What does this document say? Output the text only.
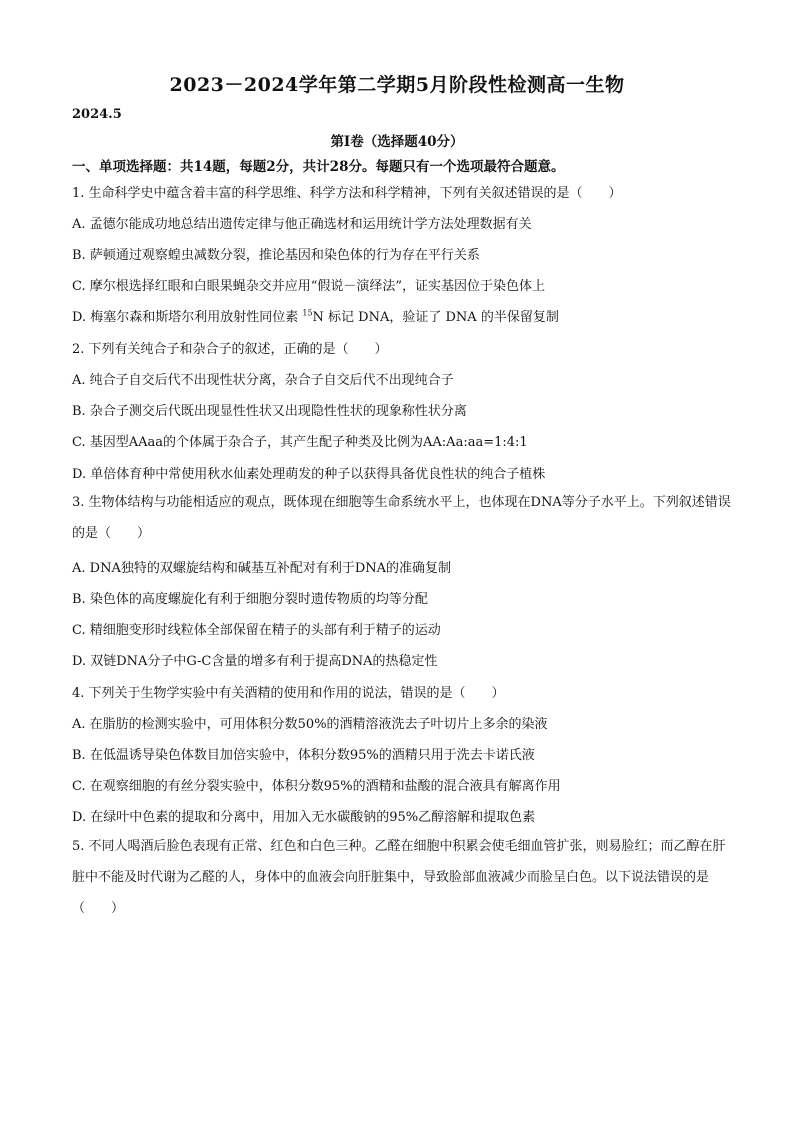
2023－2024学年第二学期5月阶段性检测高一生物
2024.5
第Ⅰ卷（选择题40分）
一、单项选择题：共14题，每题2分，共计28分。每题只有一个选项最符合题意。
1. 生命科学史中蕴含着丰富的科学思维、科学方法和科学精神，下列有关叙述错误的是（　　）
A. 孟德尔能成功地总结出遗传定律与他正确选材和运用统计学方法处理数据有关
B. 萨顿通过观察蝗虫减数分裂，推论基因和染色体的行为存在平行关系
C. 摩尔根选择红眼和白眼果蝇杂交并应用“假说－演绎法”，证实基因位于染色体上
D. 梅塞尔森和斯塔尔利用放射性同位素 $^{15}$N 标记 DNA，验证了 DNA 的半保留复制
2. 下列有关纯合子和杂合子的叙述，正确的是（　　）
A. 纯合子自交后代不出现性状分离，杂合子自交后代不出现纯合子
B. 杂合子测交后代既出现显性性状又出现隐性性状的现象称性状分离
C. 基因型AAaa的个体属于杂合子，其产生配子种类及比例为AA:Aa:aa=1:4:1
D. 单倍体育种中常使用秋水仙素处理萌发的种子以获得具备优良性状的纯合子植株
3. 生物体结构与功能相适应的观点，既体现在细胞等生命系统水平上，也体现在DNA等分子水平上。下列叙述错误的是（　　）
A. DNA独特的双螺旋结构和碱基互补配对有利于DNA的准确复制
B. 染色体的高度螺旋化有利于细胞分裂时遗传物质的均等分配
C. 精细胞变形时线粒体全部保留在精子的头部有利于精子的运动
D. 双链DNA分子中G-C含量的增多有利于提高DNA的热稳定性
4. 下列关于生物学实验中有关酒精的使用和作用的说法，错误的是（　　）
A. 在脂肪的检测实验中，可用体积分数50%的酒精溶液洗去子叶切片上多余的染液
B. 在低温诱导染色体数目加倍实验中，体积分数95%的酒精只用于洗去卡诺氏液
C. 在观察细胞的有丝分裂实验中，体积分数95%的酒精和盐酸的混合液具有解离作用
D. 在绿叶中色素的提取和分离中，用加入无水碳酸钠的95%乙醇溶解和提取色素
5. 不同人喝酒后脸色表现有正常、红色和白色三种。乙醛在细胞中积累会使毛细血管扩张，则易脸红；而乙醇在肝脏中不能及时代谢为乙醛的人，身体中的血液会向肝脏集中，导致脸部血液减少而脸呈白色。以下说法错误的是（　　）
